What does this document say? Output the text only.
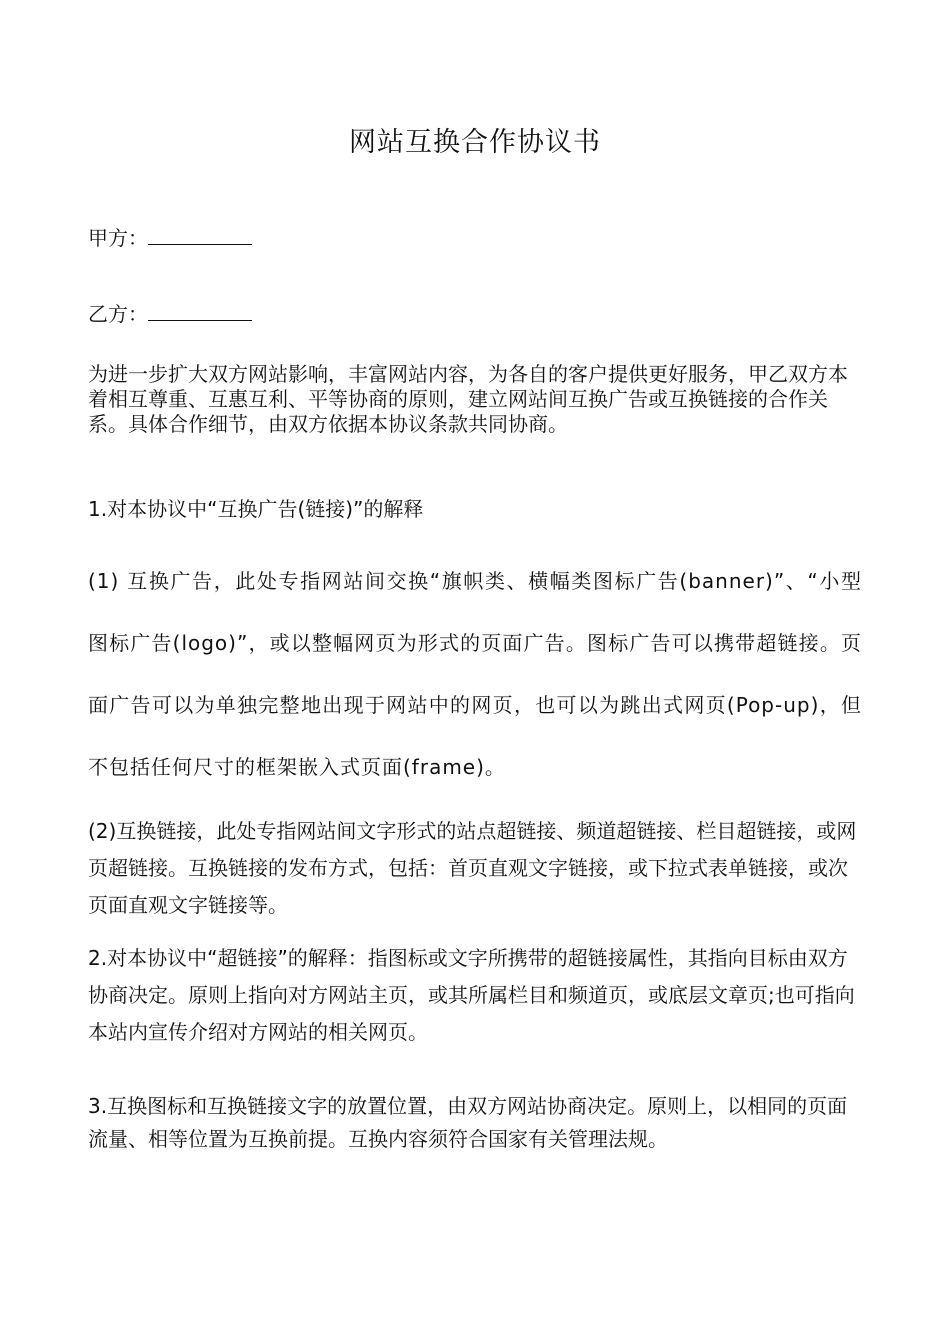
网站互换合作协议书
甲方：
乙方：

为进一步扩大双方网站影响，丰富网站内容，为各自的客户提供更好服务，甲乙双方本着相互尊重、互惠互利、平等协商的原则，建立网站间互换广告或互换链接的合作关系。具体合作细节，由双方依据本协议条款共同协商。

1.对本协议中“互换广告(链接)”的解释

(1) 互换广告，此处专指网站间交换“旗帜类、横幅类图标广告(banner)”、“小型图标广告(logo)”，或以整幅网页为形式的页面广告。图标广告可以携带超链接。页面广告可以为单独完整地出现于网站中的网页，也可以为跳出式网页(Pop-up)，但不包括任何尺寸的框架嵌入式页面(frame)。

(2)互换链接，此处专指网站间文字形式的站点超链接、频道超链接、栏目超链接，或网页超链接。互换链接的发布方式，包括：首页直观文字链接，或下拉式表单链接，或次页面直观文字链接等。

2.对本协议中“超链接”的解释：指图标或文字所携带的超链接属性，其指向目标由双方协商决定。原则上指向对方网站主页，或其所属栏目和频道页，或底层文章页;也可指向本站内宣传介绍对方网站的相关网页。

3.互换图标和互换链接文字的放置位置，由双方网站协商决定。原则上，以相同的页面流量、相等位置为互换前提。互换内容须符合国家有关管理法规。
